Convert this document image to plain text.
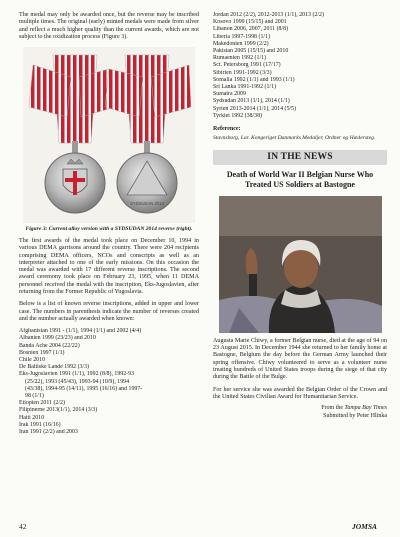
The medal may only be awarded once, but the reverse may be inscribed multiple times. The original (early) minted medals were made from silver and reflect a much higher quality than the current awards, which are not subject to the oxidization process (Figure 3).

SYDSUDAN 2014
Figure 3: Current alloy version with a SYDSUDAN 2014 reverse (right).

The first awards of the medal took place on December 10, 1994 in various DEMA garrisons around the country. There were 204 recipients comprising DEMA officers, NCOs and conscripts as well as an interpreter attached to one of the early missions. On this occasion the medal was awarded with 17 different reverse inscriptions. The second award ceremony took place on February 23, 1995, when 11 DEMA personnel received the medal with the inscription, Eks-Jugoslavien, after returning from the Former Republic of Yugoslavia.

Below is a list of known reverse inscriptions, added in upper and lower case. The numbers in parenthesis indicate the number of reverses created and the number actually awarded when known:

Afghanistan 1991 - (1/1), 1994 (1/1) and 2002 (4/4)
Albanien 1999 (23/23) and 2010
Banda Ache 2004 (22/22)
Bosnien 1997 (1/1)
Chile 2010
De Baltiske Lande 1992 (3/3)
Eks-Jugoslavien 1991 (1/1), 1992 (8/8), 1992-93
(25/22), 1993 (45/43), 1993-94 (10/9), 1994
(43/38), 1994-95 (14/11), 1995 (16/16) and 1997-
98 (1/1)
Etiopien 2011 (2/2)
Filipinerne 2013(1/1), 2014 (3/3)
Haiti 2010
Irak 1991 (16/16)
Iran 1991 (2/2) and 2003
Jordan 2012 (2/2), 2012-2013 (1/1), 2013 (2/2)
Kosovo 1999 (15/15) and 2001
Libanon 2006, 2007, 2011 (8/8)
Liberia 1997-1998 (1/1)
Makedonien 1999 (2/2)
Pakistan 2005 (15/15) and 2010
Rumaenien 1992 (1/1)
Sct. Petersborg 1991 (17/17)
Sibirien 1991-1992 (3/3)
Somalia 1992 (1/1) and 1993 (1/1)
Sri Lanka 1991-1992 (1/1)
Sumatra 2009
Sydsudan 2013 (1/1), 2014 (1/1)
Syrien 2013-2014 (1/1), 2014 (5/5)
Tyrkiet 1992 (38/38)
Reference:
Stavnsborg, Lar. Kongeriget Danmarks Medaljer, Ordner og Hædersteg.
IN THE NEWS
Death of World War II Belgian Nurse Who Treated US Soldiers at Bastogne

Augusta Marie Chiwy, a former Belgian nurse, died at the age of 94 on 23 August 2015. In December 1944 she returned to her family home at Bastogne, Belgium the day before the German Army launched their spring offensive. Chiwy volunteered to serve as a volunteer nurse treating hundreds of United States troops during the siege of that city during the Battle of the Bulge.

For her service she was awarded the Belgian Order of the Crown and the United States Civilian Award for Humanitarian Service.

From the Tampa Bay Times
Submitted by Peter Hlinka
42	JOMSA
